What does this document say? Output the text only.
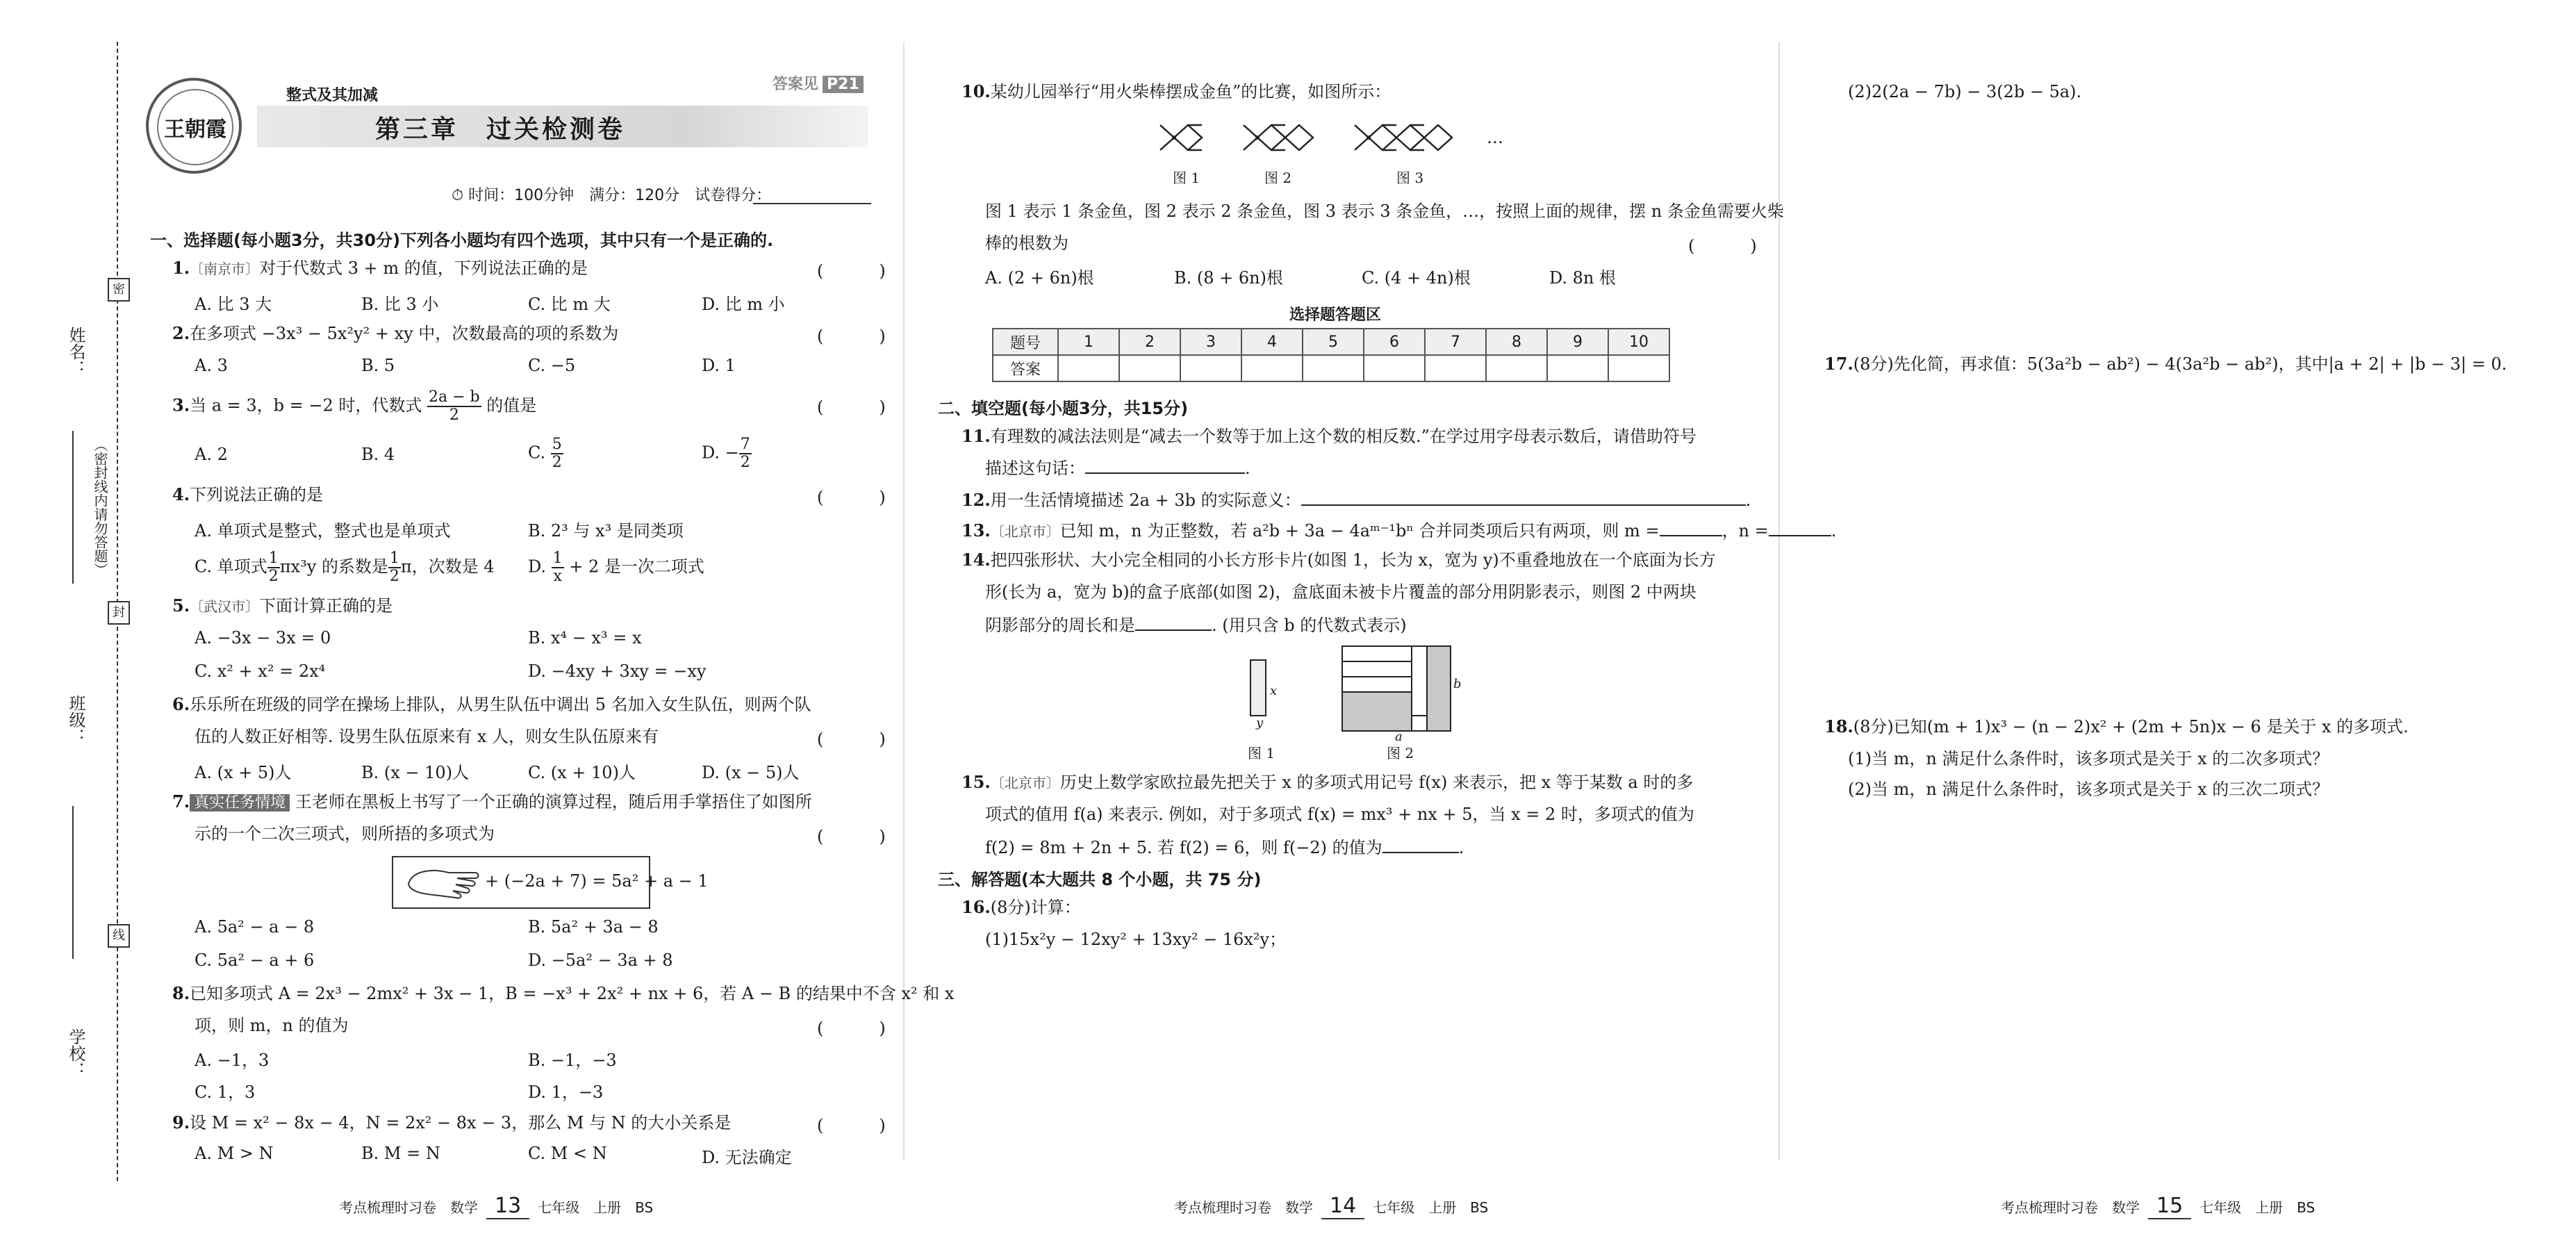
姓名：
班级：
学校：
（密封线内请勿答题）
密
封
线
王朝霞
整式及其加减
第三章　过关检测卷
答案见 P21
⏱ 时间：100分钟　满分：120分　试卷得分：
一、选择题(每小题3分，共30分)下列各小题均有四个选项，其中只有一个是正确的.
1.〔南京市〕对于代数式 3 + m 的值，下列说法正确的是	(　)
A. 比 3 大	B. 比 3 小	C. 比 m 大	D. 比 m 小
2.在多项式 −3x³ − 5x²y² + xy 中，次数最高的项的系数为	(　)
A. 3	B. 5	C. −5	D. 1
3.当 a = 3，b = −2 时，代数式 $\frac{2a - b}{2}$ 的值是	(　)
A. 2	B. 4	C. $\frac{5}{2}$	D. − $\frac{7}{2}$
4.下列说法正确的是	(　)
A. 单项式是整式，整式也是单项式	B. 2³ 与 x³ 是同类项
C. 单项式 $\frac{1}{2} \pi x^3y$ 的系数是 $\frac{1}{2}$ π，次数是 4 D. $\frac{1}{x} + 2$ 是一次二项式
5.〔武汉市〕下面计算正确的是
A. −3x − 3x = 0	B. x⁴ − x³ = x
C. x² + x² = 2x⁴	D. −4xy + 3xy = −xy
6.乐乐所在班级的同学在操场上排队，从男生队伍中调出 5 名加入女生队伍，则两个队
伍的人数正好相等. 设男生队伍原来有 x 人，则女生队伍原来有	(　)
A. (x + 5)人	B. (x − 10)人	C. (x + 10)人	D. (x − 5)人
7. 真实任务情境 王老师在黑板上书写了一个正确的演算过程，随后用手掌捂住了如图所
示的一个二次三项式，则所捂的多项式为	(　)
+ (−2a + 7) = 5a² + a − 1
A. 5a² − a − 8	B. 5a² + 3a − 8
C. 5a² − a + 6	D. −5a² − 3a + 8
8.已知多项式 A = 2x³ − 2mx² + 3x − 1，B = −x³ + 2x² + nx + 6，若 A − B 的结果中不含 x² 和 x
项，则 m，n 的值为	(　)
A. −1，3	B. −1，−3
C. 1，3	D. 1，−3
9.设 M = x² − 8x − 4，N = 2x² − 8x − 3，那么 M 与 N 的大小关系是	(　)
A. M > N	B. M = N	C. M < N	D. 无法确定
10.某幼儿园举行“用火柴棒摆成金鱼”的比赛，如图所示：
…
图 1	图 2	图 3
图 1 表示 1 条金鱼，图 2 表示 2 条金鱼，图 3 表示 3 条金鱼，…，按照上面的规律，摆 n 条金鱼需要火柴
棒的根数为	(　)
A. (2 + 6n)根	B. (8 + 6n)根	C. (4 + 4n)根	D. 8n 根
选择题答题区
题号	1	2	3	4	5	6	7	8	9	10
答案										
二、填空题(每小题3分，共15分)
11.有理数的减法法则是“减去一个数等于加上这个数的相反数.”在学过用字母表示数后，请借助符号
描述这句话：	.
12.用一生活情境描述 2a + 3b 的实际意义：	.
13.〔北京市〕已知 m，n 为正整数，若 a²b + 3a − 4aᵐ⁻¹bⁿ 合并同类项后只有两项，则 m =	，n =	.
14.把四张形状、大小完全相同的小长方形卡片(如图 1，长为 x，宽为 y)不重叠地放在一个底面为长方
形(长为 a，宽为 b)的盒子底部(如图 2)，盒底面未被卡片覆盖的部分用阴影表示，则图 2 中两块
阴影部分的周长和是	. (用只含 b 的代数式表示)
x
y
a
b
图 1	图 2
15.〔北京市〕历史上数学家欧拉最先把关于 x 的多项式用记号 f(x) 来表示，把 x 等于某数 a 时的多
项式的值用 f(a) 来表示. 例如，对于多项式 f(x) = mx³ + nx + 5，当 x = 2 时，多项式的值为
f(2) = 8m + 2n + 5. 若 f(2) = 6，则 f(−2) 的值为	.
三、解答题(本大题共 8 个小题，共 75 分)
16.(8分)计算：
(1)15x²y − 12xy² + 13xy² − 16x²y；
(2)2(2a − 7b) − 3(2b − 5a).
17.(8分)先化简，再求值：5(3a²b − ab²) − 4(3a²b − ab²)，其中|a + 2| + |b − 3| = 0.
18.(8分)已知(m + 1)x³ − (n − 2)x² + (2m + 5n)x − 6 是关于 x 的多项式.
(1)当 m，n 满足什么条件时，该多项式是关于 x 的二次多项式？
(2)当 m，n 满足什么条件时，该多项式是关于 x 的三次二项式？
考点梳理时习卷　数学 13 七年级　上册　BS	考点梳理时习卷　数学 14 七年级　上册　BS	考点梳理时习卷　数学 15 七年级　上册　BS
